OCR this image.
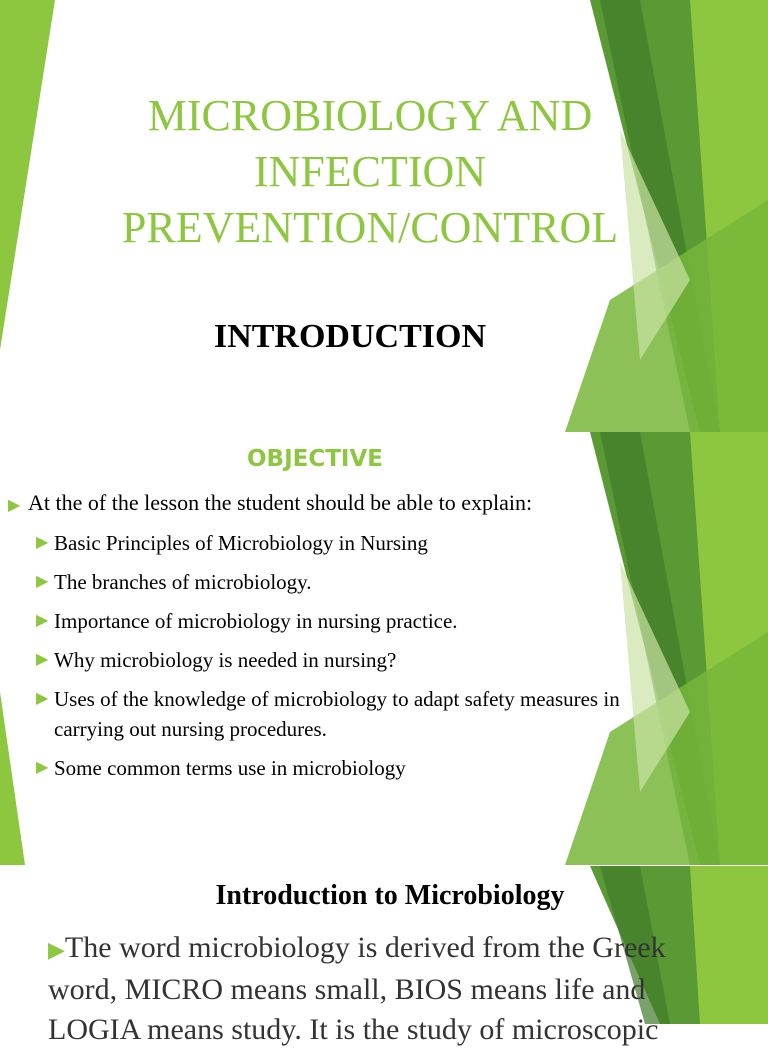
MICROBIOLOGY AND
INFECTION
PREVENTION/CONTROL
INTRODUCTION
OBJECTIVE
▶ At the of the lesson the student should be able to explain:
▶ Basic Principles of Microbiology in Nursing
▶ The branches of microbiology.
▶ Importance of microbiology in nursing practice.
▶ Why microbiology is needed in nursing?
▶ Uses of the knowledge of microbiology to adapt safety measures in carrying out nursing procedures.
▶ Some common terms use in microbiology
Introduction to Microbiology

▶The word microbiology is derived from the Greek word, MICRO means small, BIOS means life and LOGIA means study. It is the study of microscopic
